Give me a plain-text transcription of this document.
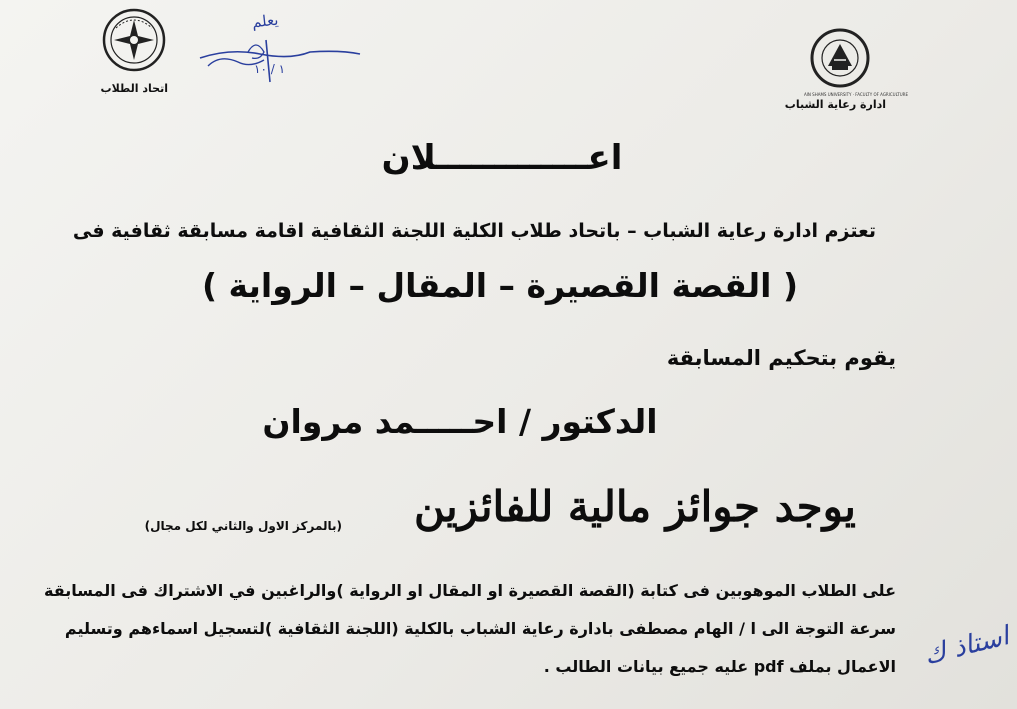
اتحاد الطلاب
يعلم
١ / ١٠
AIN SHAMS UNIVERSITY · FACULTY OF AGRICULTURE
ادارة رعاية الشباب
اعـــــــــــــلان
تعتزم ادارة رعاية الشباب – باتحاد طلاب الكلية اللجنة الثقافية اقامة مسابقة ثقافية فى
( القصة القصيرة – المقال – الرواية )
يقوم بتحكيم المسابقة
الدكتور / احـــــمد مروان
يوجد جوائز مالية للفائزين
(بالمركز الاول والثاني لكل مجال)
على الطلاب الموهوبين فى كتابة (القصة القصيرة او المقال او الرواية )والراغبين في الاشتراك فى المسابقة
سرعة التوجة الى ا / الهام مصطفى بادارة رعاية الشباب بالكلية (اللجنة الثقافية )لتسجيل اسماءهم وتسليم
الاعمال بملف pdf عليه جميع بيانات الطالب . استاذ ك
